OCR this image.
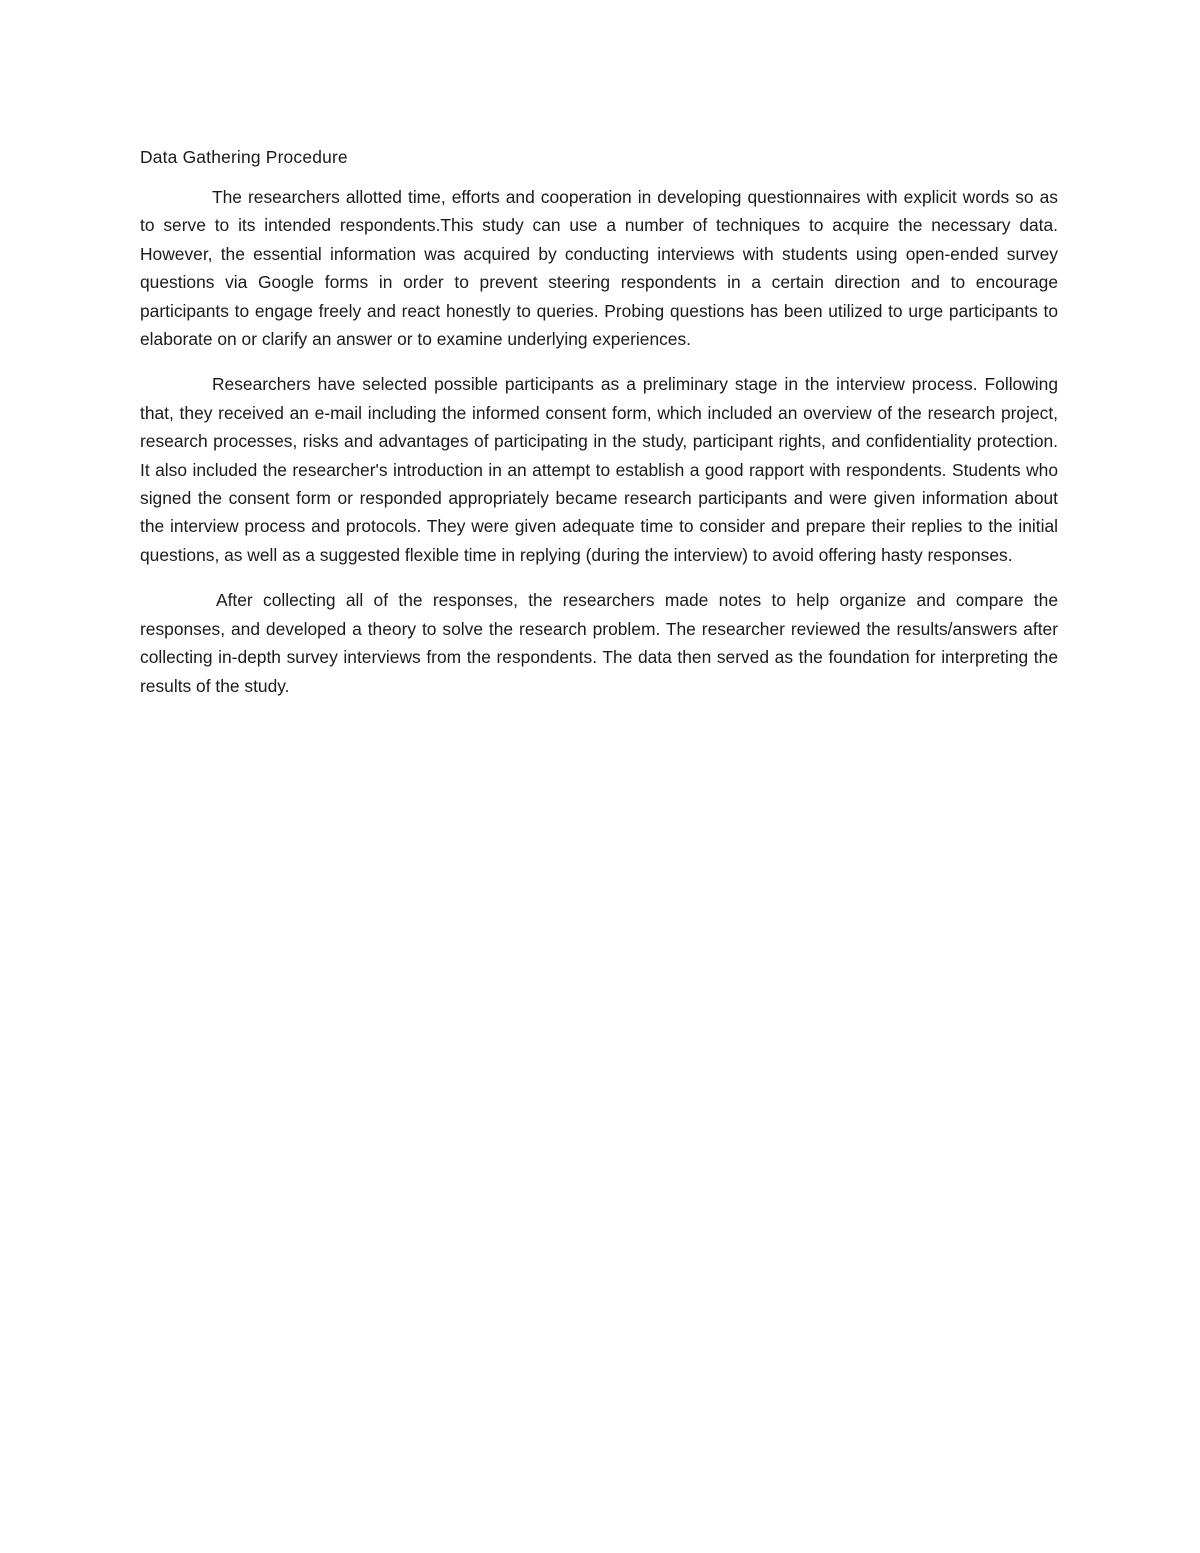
Data Gathering Procedure

The researchers allotted time, efforts and cooperation in developing questionnaires with explicit words so as to serve to its intended respondents.This study can use a number of techniques to acquire the necessary data. However, the essential information was acquired by conducting interviews with students using open-ended survey questions via Google forms in order to prevent steering respondents in a certain direction and to encourage participants to engage freely and react honestly to queries. Probing questions has been utilized to urge participants to elaborate on or clarify an answer or to examine underlying experiences.

Researchers have selected possible participants as a preliminary stage in the interview process. Following that, they received an e-mail including the informed consent form, which included an overview of the research project, research processes, risks and advantages of participating in the study, participant rights, and confidentiality protection. It also included the researcher's introduction in an attempt to establish a good rapport with respondents. Students who signed the consent form or responded appropriately became research participants and were given information about the interview process and protocols. They were given adequate time to consider and prepare their replies to the initial questions, as well as a suggested flexible time in replying (during the interview) to avoid offering hasty responses.

After collecting all of the responses, the researchers made notes to help organize and compare the responses, and developed a theory to solve the research problem. The researcher reviewed the results/answers after collecting in-depth survey interviews from the respondents. The data then served as the foundation for interpreting the results of the study.
